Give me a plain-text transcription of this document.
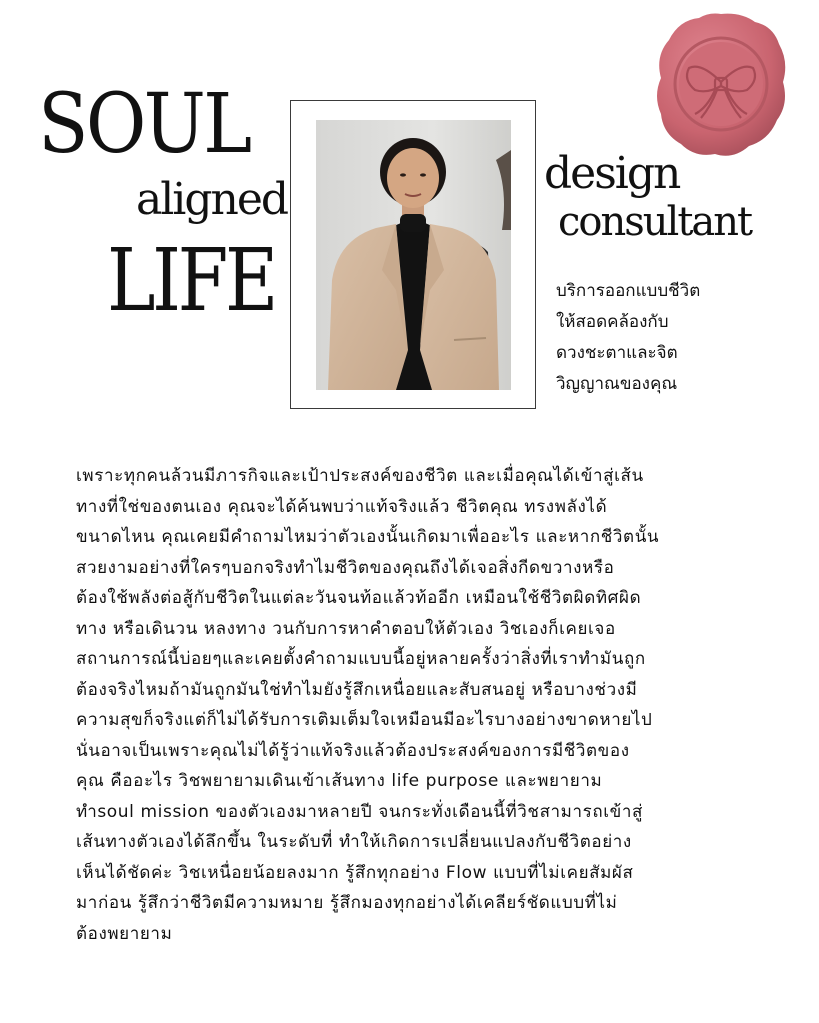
SOUL
aligned
LIFE
design
consultant
บริการออกแบบชีวิต
ให้สอดคล้องกับ
ดวงชะตาและจิต
วิญญาณของคุณ
เพราะทุกคนล้วนมีภารกิจและเป้าประสงค์ของชีวิต และเมื่อคุณได้เข้าสู่เส้น
ทางที่ใช่ของตนเอง คุณจะได้ค้นพบว่าแท้จริงแล้ว ชีวิตคุณ ทรงพลังได้
ขนาดไหน คุณเคยมีคำถามไหมว่าตัวเองนั้นเกิดมาเพื่ออะไร และหากชีวิตนั้น
สวยงามอย่างที่ใครๆบอกจริงทำไมชีวิตของคุณถึงได้เจอสิ่งกีดขวางหรือ
ต้องใช้พลังต่อสู้กับชีวิตในแต่ละวันจนท้อแล้วท้ออีก เหมือนใช้ชีวิตผิดทิศผิด
ทาง หรือเดินวน หลงทาง วนกับการหาคำตอบให้ตัวเอง วิชเองก็เคยเจอ
สถานการณ์นี้บ่อยๆและเคยตั้งคำถามแบบนี้อยู่หลายครั้งว่าสิ่งที่เราทำมันถูก
ต้องจริงไหมถ้ามันถูกมันใช่ทำไมยังรู้สึกเหนื่อยและสับสนอยู่ หรือบางช่วงมี
ความสุขก็จริงแต่ก็ไม่ได้รับการเติมเต็มใจเหมือนมีอะไรบางอย่างขาดหายไป
นั่นอาจเป็นเพราะคุณไม่ได้รู้ว่าแท้จริงแล้วต้องประสงค์ของการมีชีวิตของ
คุณ คืออะไร วิชพยายามเดินเข้าเส้นทาง life purpose และพยายาม
ทำsoul mission ของตัวเองมาหลายปี จนกระทั่งเดือนนี้ที่วิชสามารถเข้าสู่
เส้นทางตัวเองได้ลึกขึ้น ในระดับที่ ทำให้เกิดการเปลี่ยนแปลงกับชีวิตอย่าง
เห็นได้ชัดค่ะ วิชเหนื่อยน้อยลงมาก รู้สึกทุกอย่าง Flow แบบที่ไม่เคยสัมผัส
มาก่อน รู้สึกว่าชีวิตมีความหมาย รู้สึกมองทุกอย่างได้เคลียร์ชัดแบบที่ไม่
ต้องพยายาม
